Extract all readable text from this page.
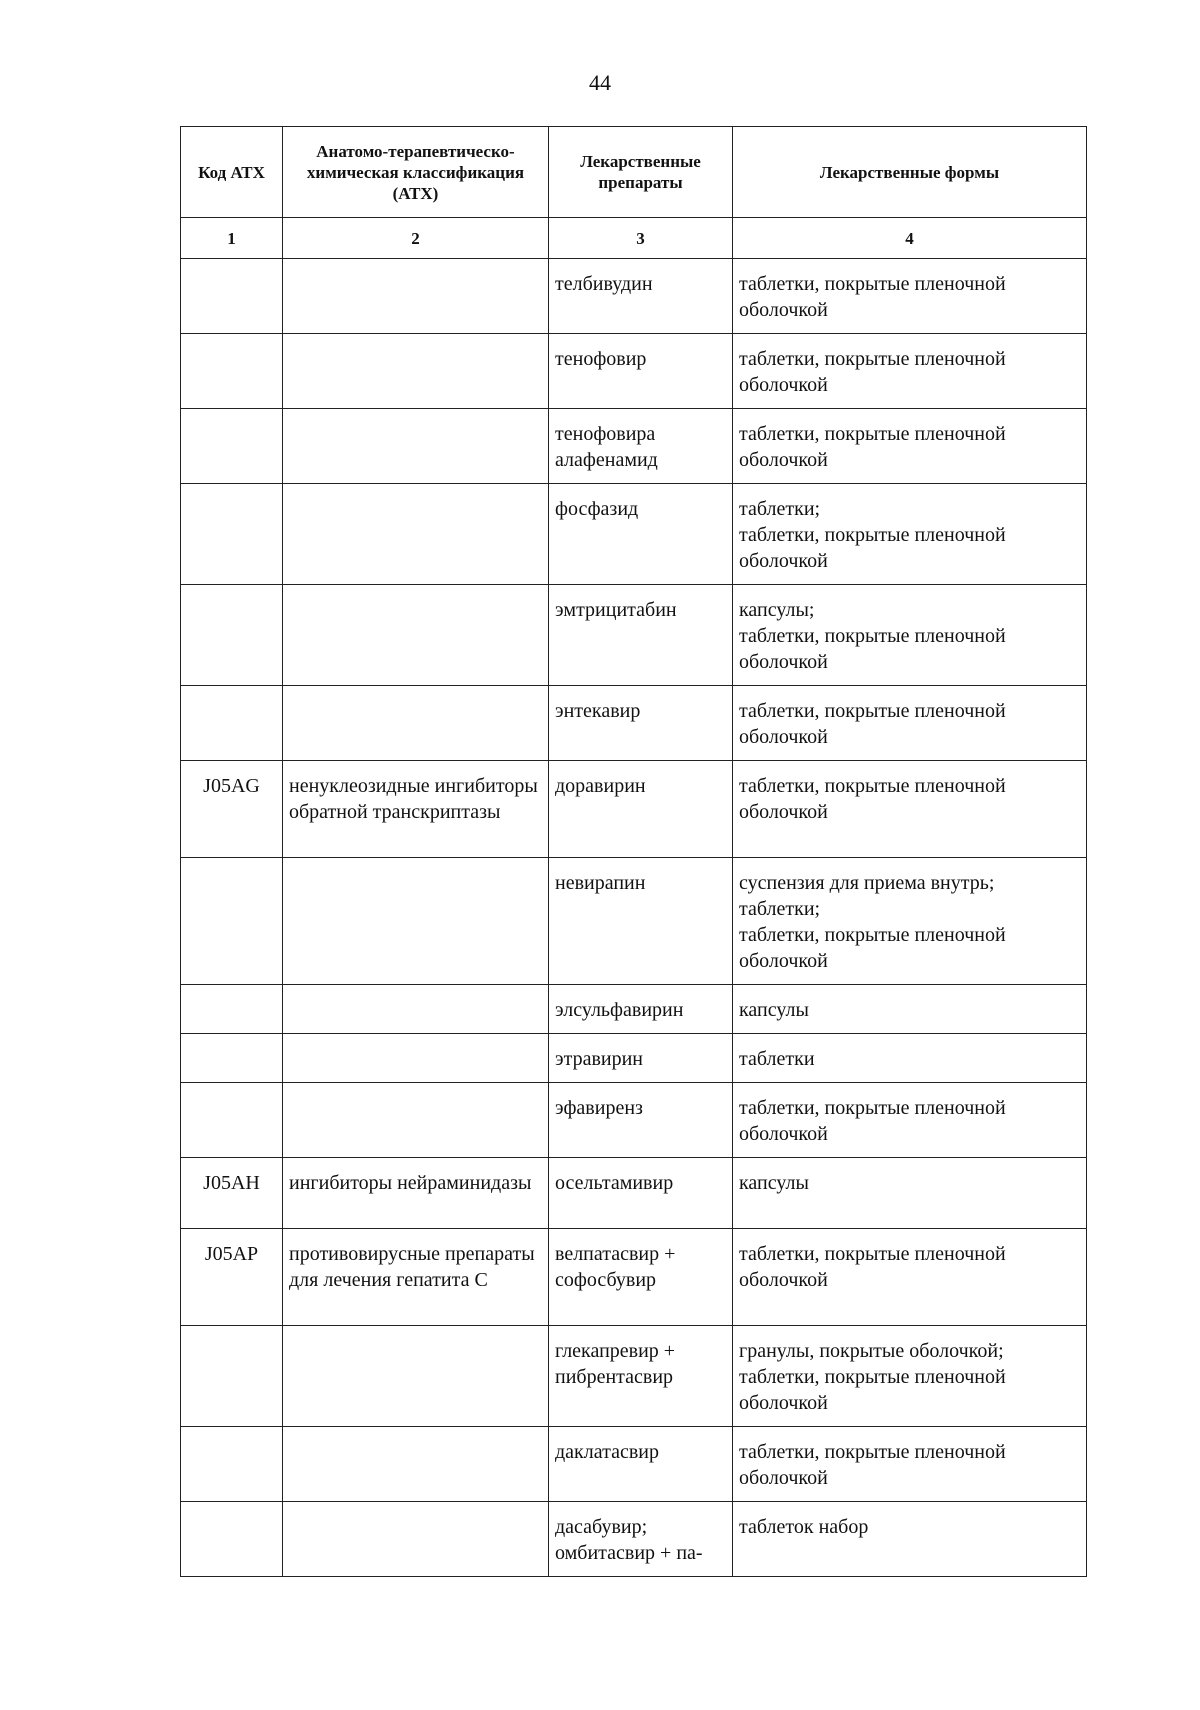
44
Код АТХ	Анатомо-терапевтическо-химическая классификация (АТХ)	Лекарственные препараты	Лекарственные формы
1	2	3	4
		телбивудин	таблетки, покрытые пленочной оболочкой

		тенофовир	таблетки, покрытые пленочной оболочкой

		тенофовира алафенамид	таблетки, покрытые пленочной оболочкой

		фосфазид	таблетки;
таблетки, покрытые пленочной оболочкой

		эмтрицитабин	капсулы;
таблетки, покрытые пленочной оболочкой

		энтекавир	таблетки, покрытые пленочной оболочкой

J05AG	ненуклеозидные ингибиторы обратной транскриптазы	доравирин	таблетки, покрытые пленочной оболочкой

		невирапин	суспензия для приема внутрь;
таблетки;
таблетки, покрытые пленочной оболочкой

		элсульфавирин	капсулы

		этравирин	таблетки

		эфавиренз	таблетки, покрытые пленочной оболочкой

J05AH	ингибиторы нейраминидазы	осельтамивир	капсулы

J05AP	противовирусные препараты для лечения гепатита С	велпатасвир + софосбувир	таблетки, покрытые пленочной оболочкой

		глекапревир + пибрентасвир	гранулы, покрытые оболочкой;
таблетки, покрытые пленочной оболочкой

		даклатасвир	таблетки, покрытые пленочной оболочкой

		дасабувир; омбитасвир + па-	таблеток набор
